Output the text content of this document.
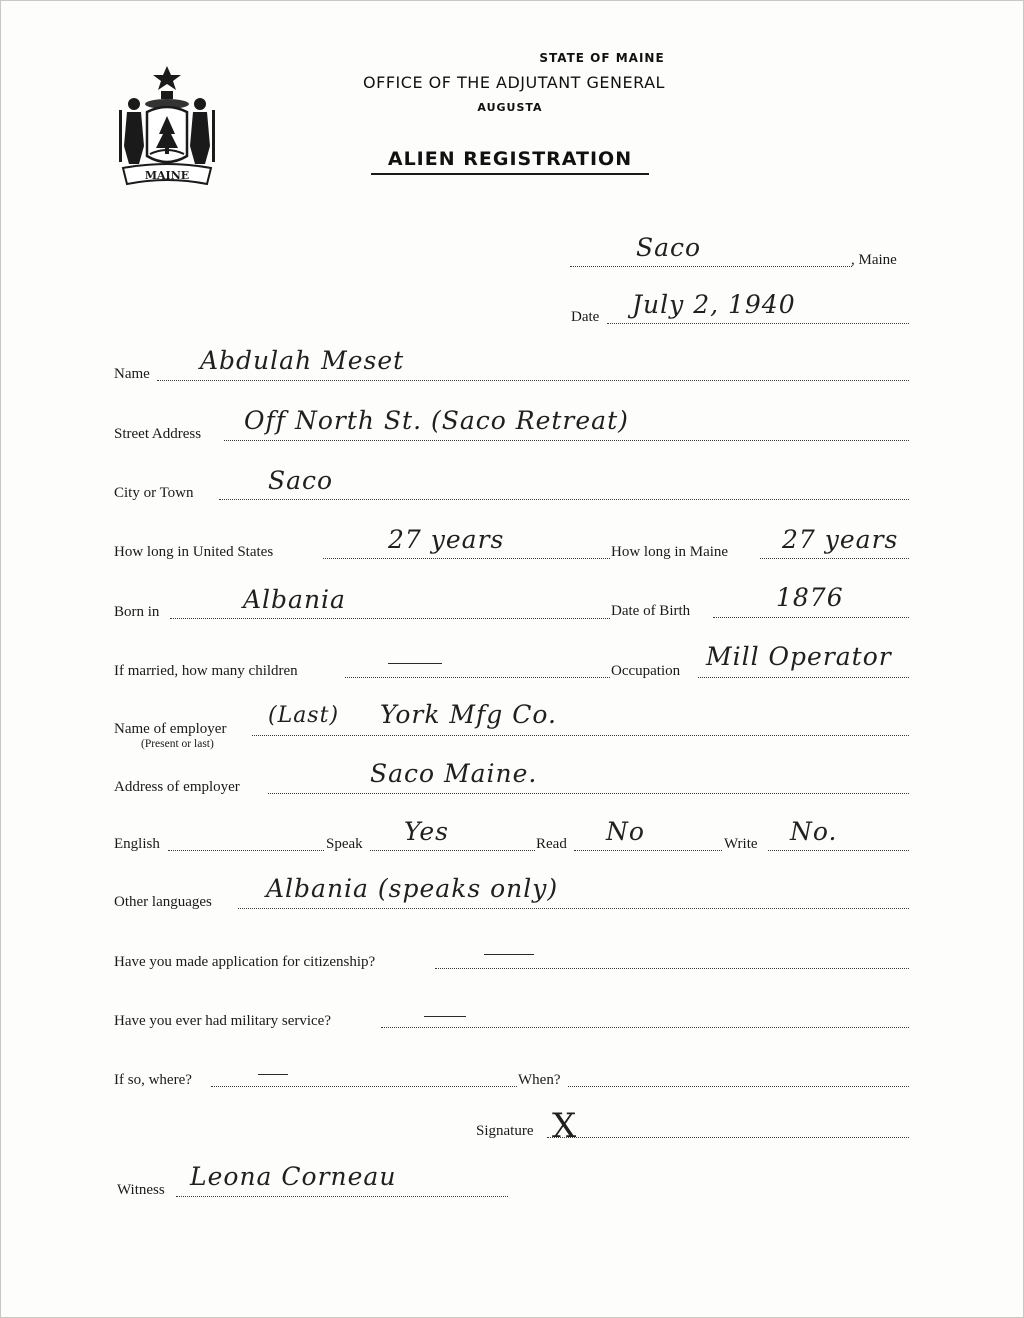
MAINE
STATE OF MAINE
OFFICE OF THE ADJUTANT GENERAL
AUGUSTA
ALIEN REGISTRATION
Saco	, Maine
Date July 2, 1940
Name Abdulah Meset
Street Address Off North St. (Saco Retreat)
City or Town	Saco
How long in United States	27 years	How long in Maine 27 years
Born in	Albania	Date of Birth	1876
If married, how many children	Occupation Mill Operator
Name of employer
(Present or last)
(Last) York Mfg Co.
Address of employer	Saco Maine.
English	Speak Yes	Read No	Write No.
Other languages Albania (speaks only)
Have you made application for citizenship?
Have you ever had military service?
If so, where?	When?
Signature X
Witness Leona Corneau
